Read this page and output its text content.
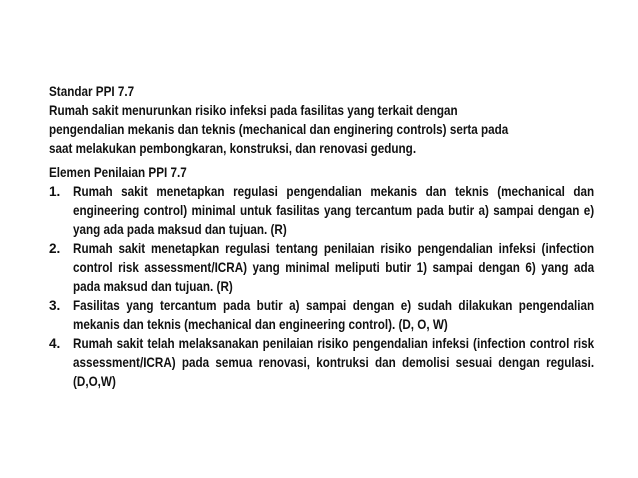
Standar PPI 7.7
Rumah sakit menurunkan risiko infeksi pada fasilitas yang terkait dengan
pengendalian mekanis dan teknis (mechanical dan enginering controls) serta pada
saat melakukan pembongkaran, konstruksi, dan renovasi gedung.
Elemen Penilaian PPI 7.7
1. Rumah sakit menetapkan regulasi pengendalian mekanis dan teknis (mechanical dan engineering control) minimal untuk fasilitas yang tercantum pada butir a) sampai dengan e) yang ada pada maksud dan tujuan. (R)
2. Rumah sakit menetapkan regulasi tentang penilaian risiko pengendalian infeksi (infection control risk assessment/ICRA) yang minimal meliputi butir 1) sampai dengan 6) yang ada pada maksud dan tujuan. (R)
3. Fasilitas yang tercantum pada butir a) sampai dengan e) sudah dilakukan pengendalian mekanis dan teknis (mechanical dan engineering control). (D, O, W)
4. Rumah sakit telah melaksanakan penilaian risiko pengendalian infeksi (infection control risk assessment/ICRA) pada semua renovasi, kontruksi dan demolisi sesuai dengan regulasi. (D,O,W)
